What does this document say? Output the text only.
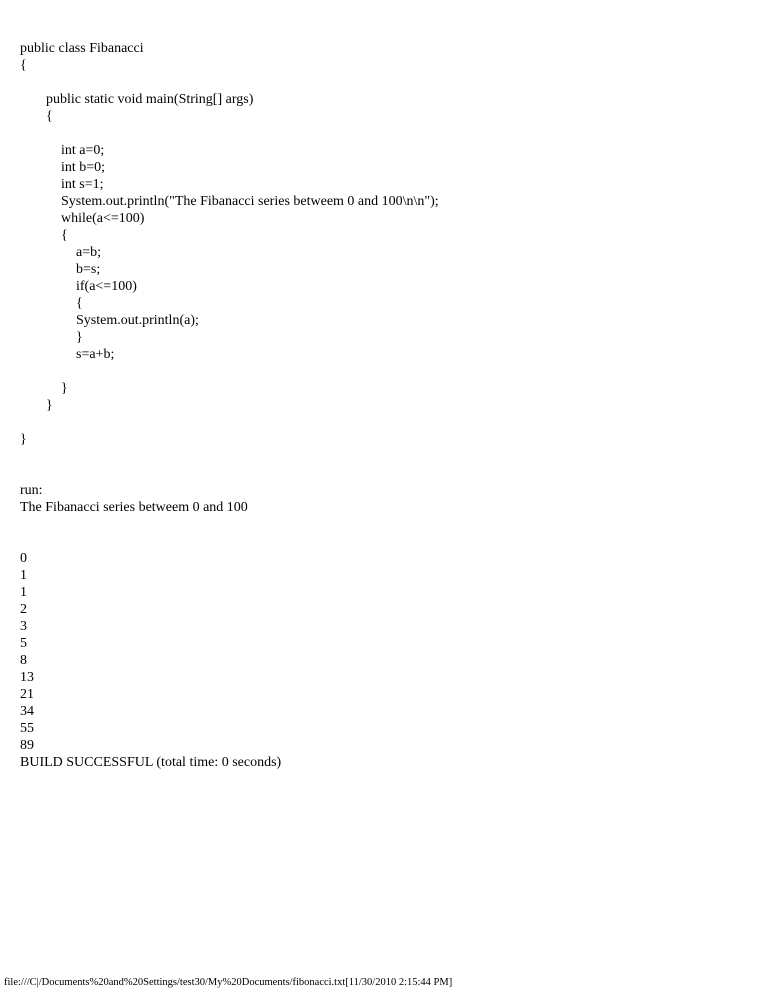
public class Fibanacci
{
public static void main(String[] args)
{
int a=0;
int b=0;
int s=1;
System.out.println("The Fibanacci series betweem 0 and 100\n\n");
while(a<=100)
{
a=b;
b=s;
if(a<=100)
{
System.out.println(a);
}
s=a+b;
}
}
}
run:
The Fibanacci series betweem 0 and 100
0
1
1
2
3
5
8
13
21
34
55
89
BUILD SUCCESSFUL (total time: 0 seconds)
file:///C|/Documents%20and%20Settings/test30/My%20Documents/fibonacci.txt[11/30/2010 2:15:44 PM]
